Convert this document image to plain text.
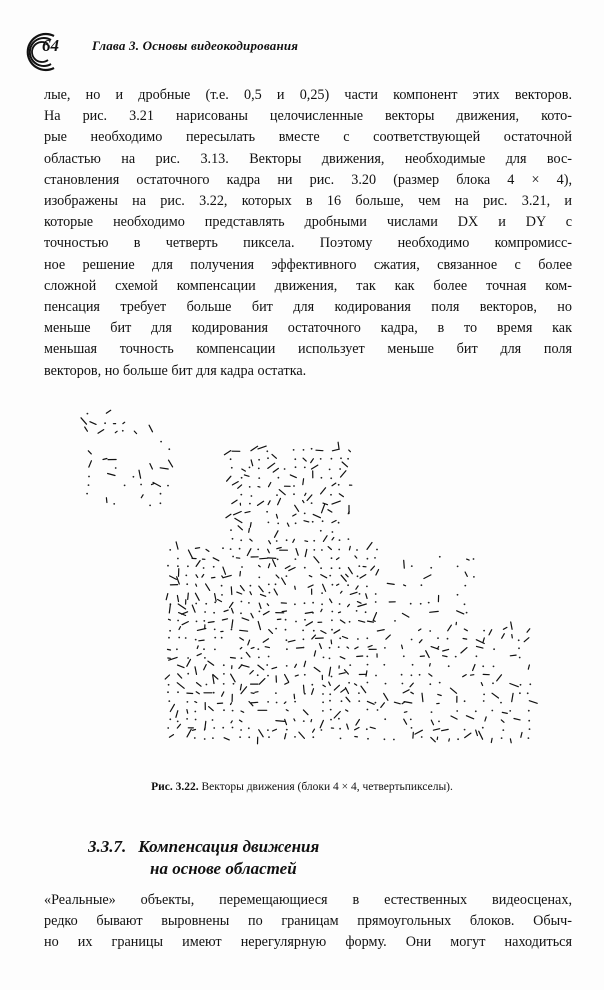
64	Глава 3. Основы видеокодирования
лые, но и дробные (т.е. 0,5 и 0,25) части компонент этих векторов.
На рис. 3.21 нарисованы целочисленные векторы движения, кото-
рые необходимо пересылать вместе с соответствующей остаточной
областью на рис. 3.13. Векторы движения, необходимые для вос-
становления остаточного кадра ни рис. 3.20 (размер блока 4 × 4),
изображены на рис. 3.22, которых в 16 больше, чем на рис. 3.21, и
которые необходимо представлять дробными числами DX и DY с
точностью в четверть пиксела. Поэтому необходимо компромисс-
ное решение для получения эффективного сжатия, связанное с более
сложной схемой компенсации движения, так как более точная ком-
пенсация требует больше бит для кодирования поля векторов, но
меньше бит для кодирования остаточного кадра, в то время как
меньшая точность компенсации использует меньше бит для поля
векторов, но больше бит для кадра остатка.
Рис. 3.22. Векторы движения (блоки 4 × 4, четвертьпикселы).
3.3.7. Компенсация движения
на основе областей
«Реальные» объекты, перемещающиеся в естественных видеосценах,
редко бывают выровнены по границам прямоугольных блоков. Обыч-
но их границы имеют нерегулярную форму. Они могут находиться
